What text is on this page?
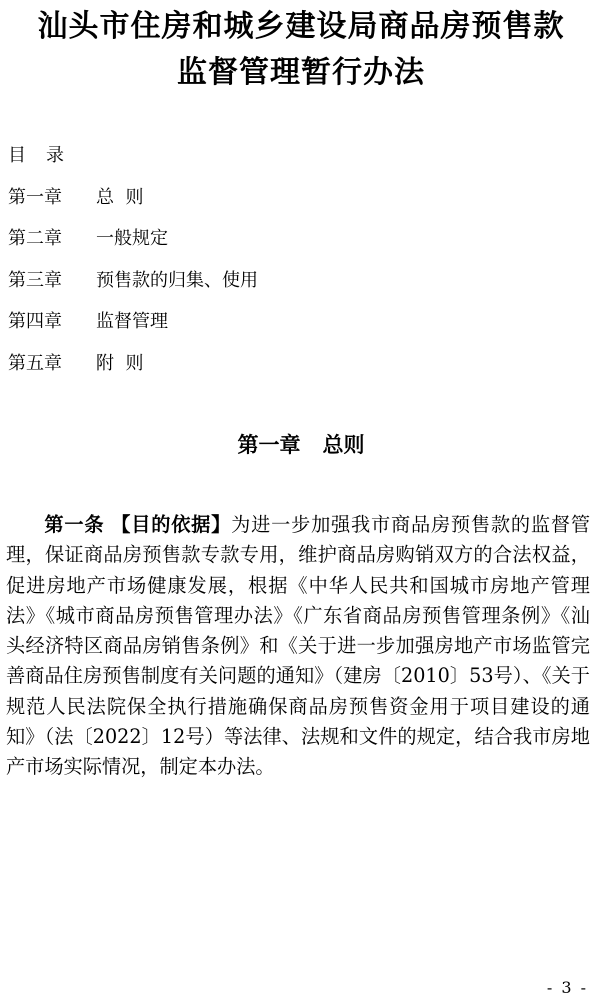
汕头市住房和城乡建设局商品房预售款
监督管理暂行办法
目录
第一章	总  则
第二章	一般规定
第三章	预售款的归集、使用
第四章	监督管理
第五章	附  则
第一章 总则

第一条 【目的依据】为进一步加强我市商品房预售款的监督管理，保证商品房预售款专款专用，维护商品房购销双方的合法权益，促进房地产市场健康发展，根据《中华人民共和国城市房地产管理法》《城市商品房预售管理办法》《广东省商品房预售管理条例》《汕头经济特区商品房销售条例》和《关于进一步加强房地产市场监管完善商品住房预售制度有关问题的通知》（建房〔2010〕53号）、《关于规范人民法院保全执行措施确保商品房预售资金用于项目建设的通知》（法〔2022〕12号）等法律、法规和文件的规定，结合我市房地产市场实际情况，制定本办法。

- 3 -
